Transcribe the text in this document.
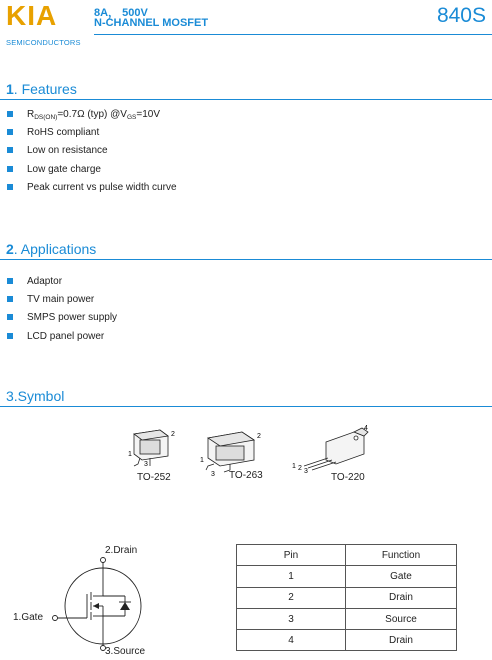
KIA
SEMICONDUCTORS
8A， 500V
N-CHANNEL MOSFET	840S
1. Features
$R_{DS(ON)}=0.7\Omega$ (typ) $@V_{GS}=10V$
RoHS compliant
Low on resistance
Low gate charge
Peak current vs pulse width curve
2. Applications
Adaptor
TV main power
SMPS power supply
LCD panel power
3.Symbol
2
1
3
2
1
3
4
1 2 3
TO-252	TO-263	TO-220
2.Drain
1.Gate
3.Source
Pin	Function
1	Gate
2	Drain
3	Source
4	Drain
